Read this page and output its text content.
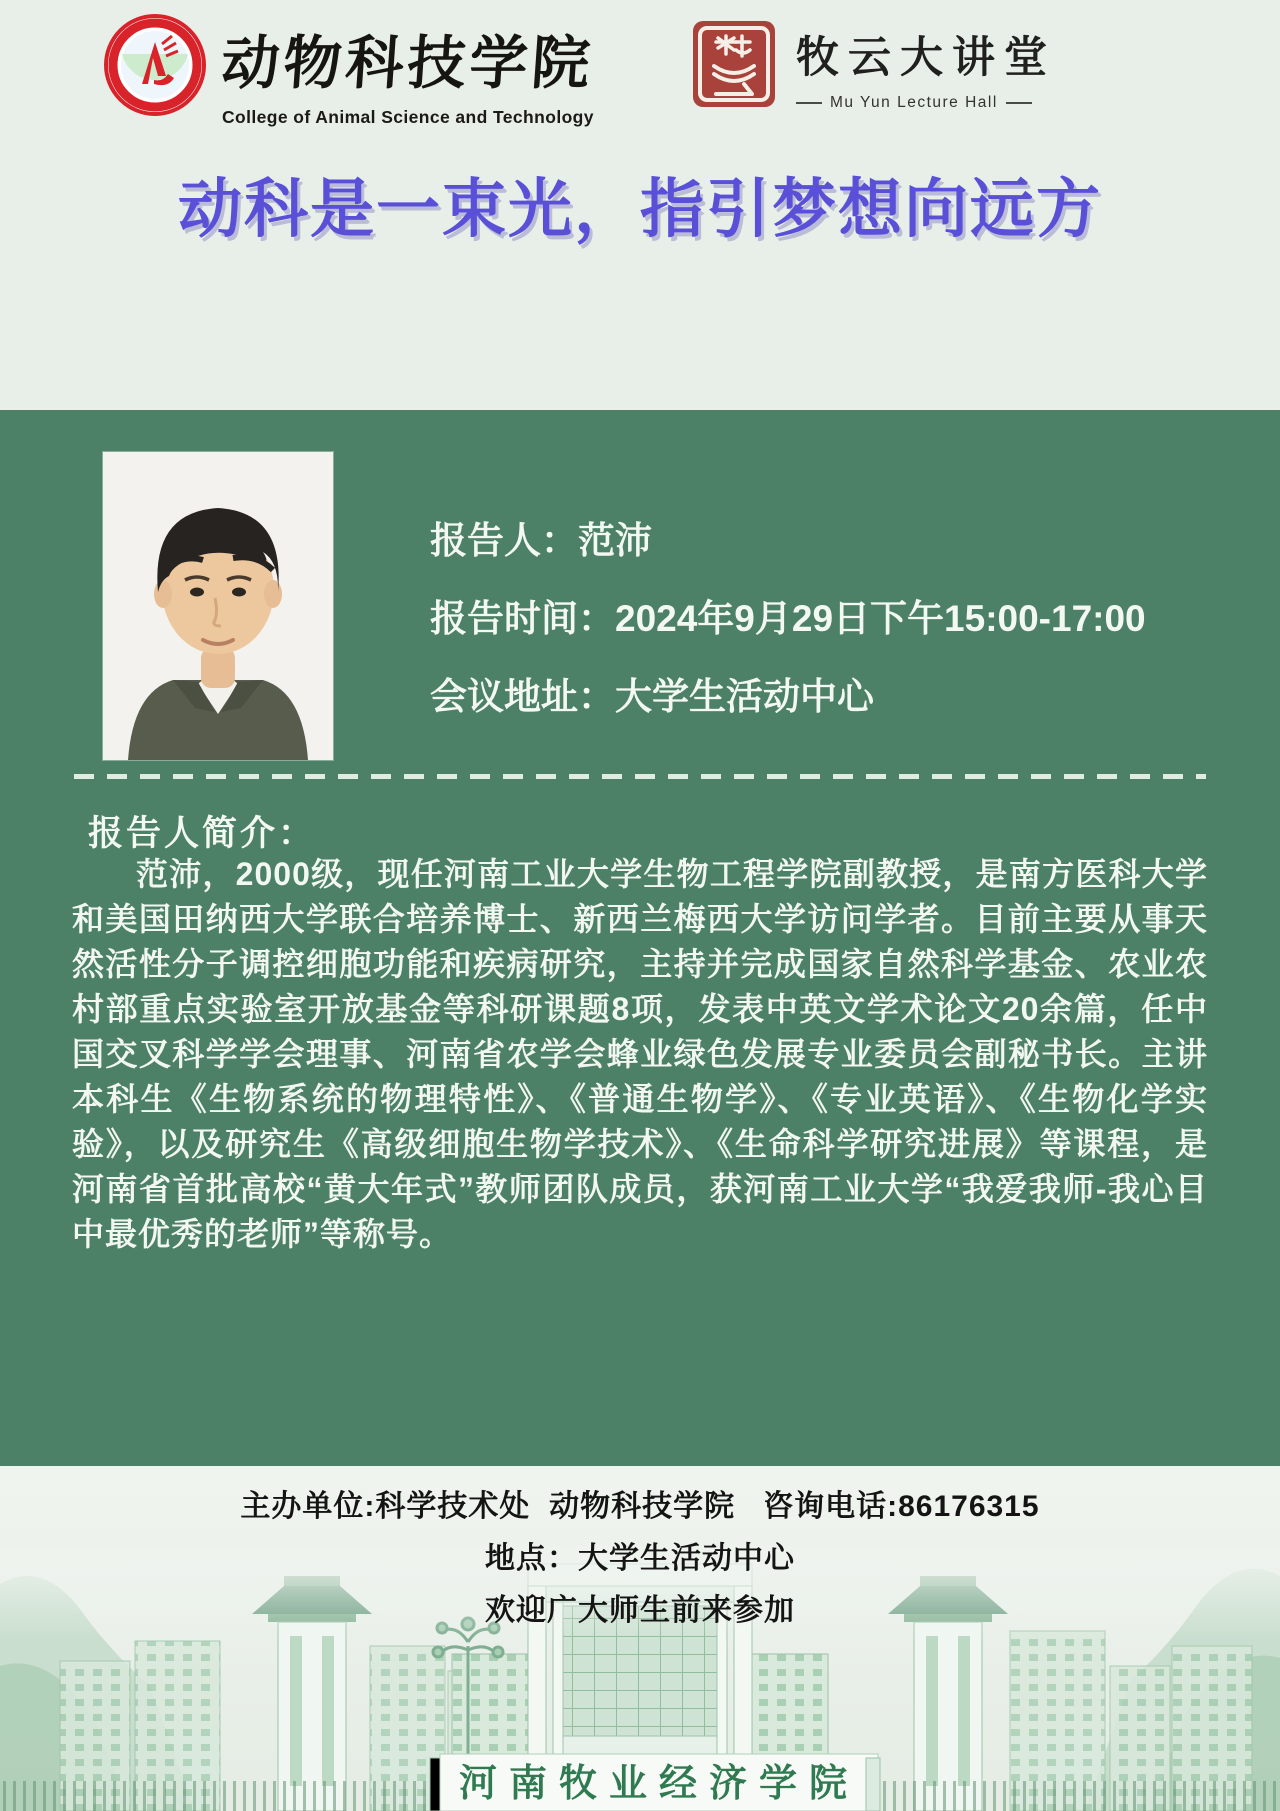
动物科技学院
College of Animal Science and Technology
牧云大讲堂
Mu Yun Lecture Hall
动科是一束光，指引梦想向远方
报告人：范沛
报告时间：2024年9月29日下午15:00-17:00
会议地址：大学生活动中心
报告人简介：
范沛，2000级，现任河南工业大学生物工程学院副教授，是南方医科大学和美国田纳西大学联合培养博士、新西兰梅西大学访问学者。目前主要从事天然活性分子调控细胞功能和疾病研究，主持并完成国家自然科学基金、农业农村部重点实验室开放基金等科研课题8项，发表中英文学术论文20余篇，任中国交叉科学学会理事、河南省农学会蜂业绿色发展专业委员会副秘书长。主讲本科生《生物系统的物理特性》、《普通生物学》、《专业英语》、《生物化学实验》，以及研究生《高级细胞生物学技术》、《生命科学研究进展》等课程，是河南省首批高校“黄大年式”教师团队成员，获河南工业大学“我爱我师-我心目中最优秀的老师”等称号。
河南牧业经济学院
主办单位:科学技术处  动物科技学院   咨询电话:86176315
地点：大学生活动中心
欢迎广大师生前来参加
